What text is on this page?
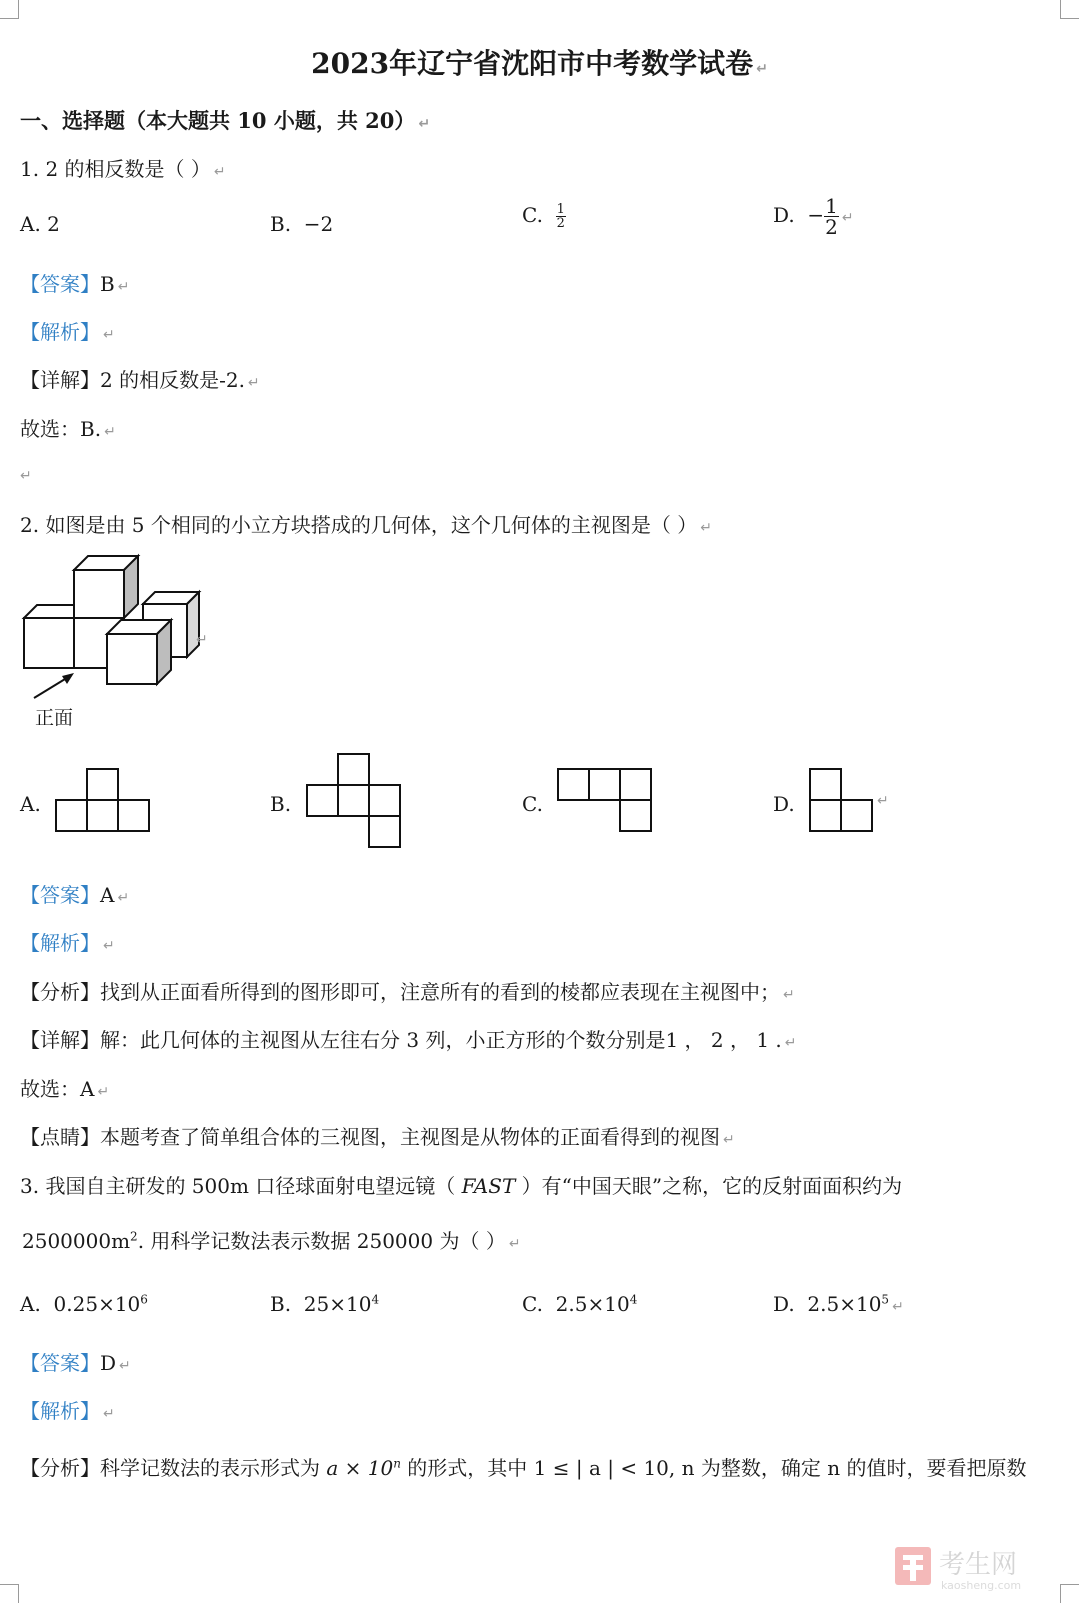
2023年辽宁省沈阳市中考数学试卷 ↵
一、选择题（本大题共 10 小题，共 20） ↵
1. 2 的相反数是（ ） ↵
A. 2	B. −2	C. $\frac{1}{2}$	D. − $\frac{1}{2}$ ↵
【答案】B ↵
【解析】 ↵
【详解】2 的相反数是-2. ↵
故选：B. ↵
↵
2. 如图是由 5 个相同的小立方块搭成的几何体，这个几何体的主视图是（ ） ↵
↵
正面
A.	B.	C.	D.	↵
【答案】A ↵
【解析】 ↵
【分析】找到从正面看所得到的图形即可，注意所有的看到的棱都应表现在主视图中； ↵
【详解】解：此几何体的主视图从左往右分 3 列，小正方形的个数分别是1 ， 2 ， 1 . ↵
故选：A ↵
【点睛】本题考查了简单组合体的三视图，主视图是从物体的正面看得到的视图 ↵
3. 我国自主研发的 500m 口径球面射电望远镜（ FAST ）有“中国天眼”之称，它的反射面面积约为
$2500000m^2$. 用科学记数法表示数据 250000 为（ ） ↵
A. $0.25\times 10^6$	B. $25\times 10^4$	C. $2.5\times 10^4$	D. $2.5\times 10^5$ ↵
【答案】D ↵
【解析】 ↵
【分析】科学记数法的表示形式为 $a \times 10^n$ 的形式，其中 1 ≤ | a | < 10, n 为整数，确定 n 的值时，要看把原数
考生网
kaosheng.com
